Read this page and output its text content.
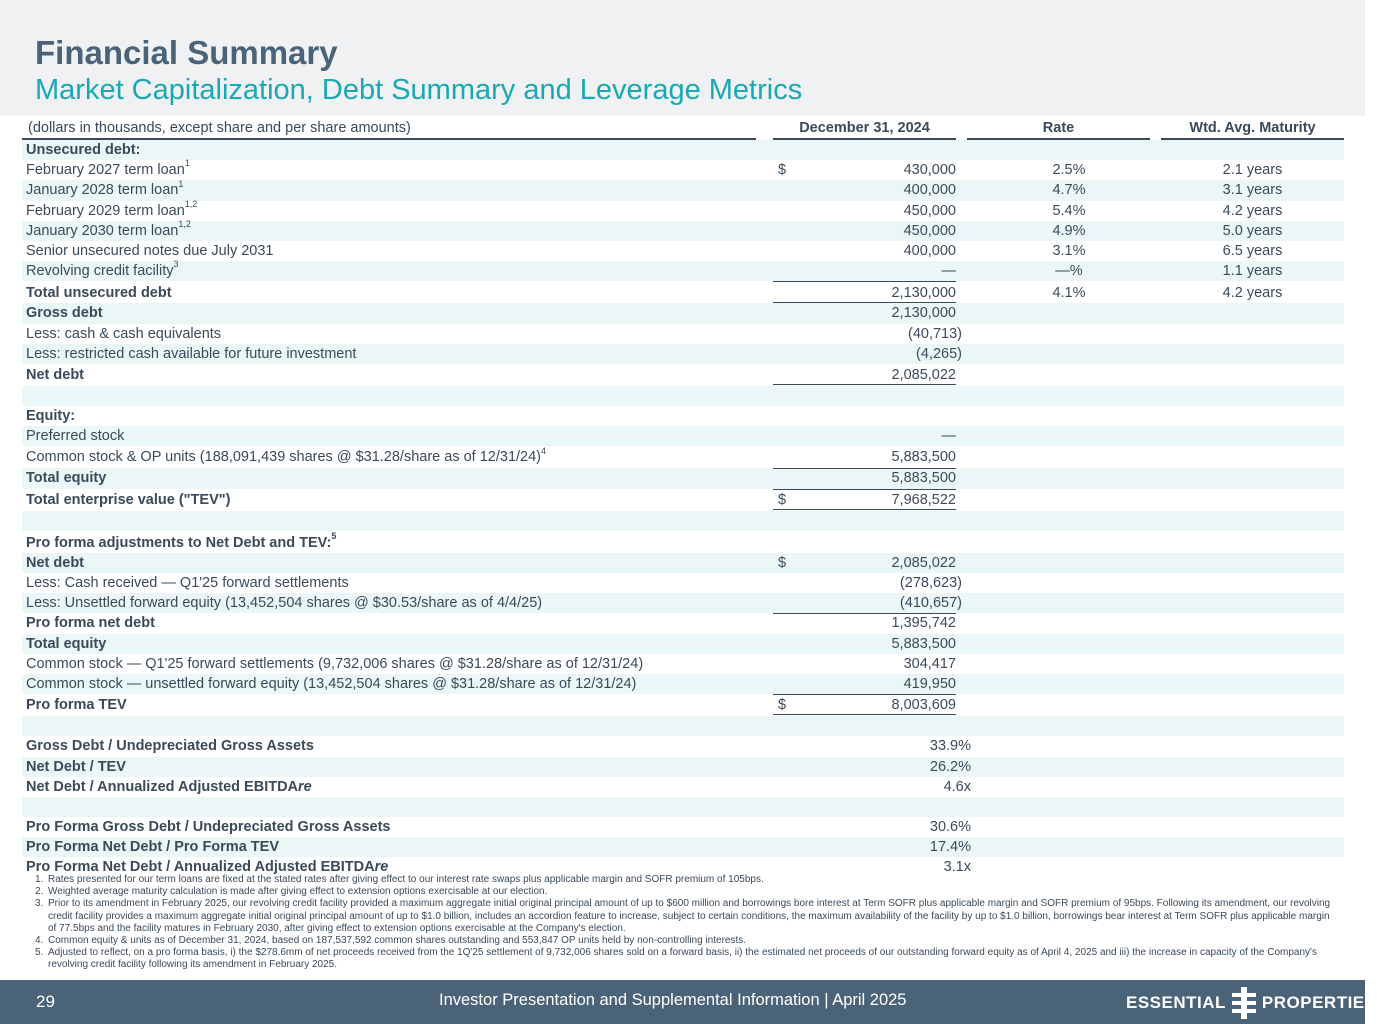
Financial Summary
Market Capitalization, Debt Summary and Leverage Metrics
(dollars in thousands, except share and per share amounts)	December 31, 2024	Rate	Wtd. Avg. Maturity
Unsecured debt:
February 2027 term loan$^1$	$	430,000	2.5%	2.1 years
January 2028 term loan$^1$	400,000	4.7%	3.1 years
February 2029 term loan$^{1,2}$	450,000	5.4%	4.2 years
January 2030 term loan$^{1,2}$	450,000	4.9%	5.0 years
Senior unsecured notes due July 2031	400,000	3.1%	6.5 years
Revolving credit facility$^3$	—	—%	1.1 years
Total unsecured debt	2,130,000	4.1%	4.2 years
Gross debt	2,130,000
Less: cash & cash equivalents	(40,713)
Less: restricted cash available for future investment	(4,265)
Net debt	2,085,022
Equity:
Preferred stock	—
Common stock & OP units (188,091,439 shares @ $31.28/share as of 12/31/24)$^4$	5,883,500
Total equity	5,883,500
Total enterprise value ("TEV")	$	7,968,522
Pro forma adjustments to Net Debt and TEV:$^5$
Net debt	$	2,085,022
Less: Cash received — Q1'25 forward settlements	(278,623)
Less: Unsettled forward equity (13,452,504 shares @ $30.53/share as of 4/4/25)	(410,657)
Pro forma net debt	1,395,742
Total equity	5,883,500
Common stock — Q1'25 forward settlements (9,732,006 shares @ $31.28/share as of 12/31/24)	304,417
Common stock — unsettled forward equity (13,452,504 shares @ $31.28/share as of 12/31/24)	419,950
Pro forma TEV	$	8,003,609
Gross Debt / Undepreciated Gross Assets	33.9%
Net Debt / TEV	26.2%
Net Debt / Annualized Adjusted EBITDAre	4.6x
Pro Forma Gross Debt / Undepreciated Gross Assets	30.6%
Pro Forma Net Debt / Pro Forma TEV	17.4%
Pro Forma Net Debt / Annualized Adjusted EBITDAre	3.1x
1. Rates presented for our term loans are fixed at the stated rates after giving effect to our interest rate swaps plus applicable margin and SOFR premium of 105bps.
2. Weighted average maturity calculation is made after giving effect to extension options exercisable at our election.
3. Prior to its amendment in February 2025, our revolving credit facility provided a maximum aggregate initial original principal amount of up to $600 million and borrowings bore interest at Term SOFR plus applicable margin and SOFR premium of 95bps. Following its amendment, our revolving credit facility provides a maximum aggregate initial original principal amount of up to $1.0 billion, includes an accordion feature to increase, subject to certain conditions, the maximum availability of the facility by up to $1.0 billion, borrowings bear interest at Term SOFR plus applicable margin of 77.5bps and the facility matures in February 2030, after giving effect to extension options exercisable at the Company's election.
4. Common equity & units as of December 31, 2024, based on 187,537,592 common shares outstanding and 553,847 OP units held by non-controlling interests.
5. Adjusted to reflect, on a pro forma basis, i) the $278.6mm of net proceeds received from the 1Q'25 settlement of 9,732,006 shares sold on a forward basis, ii) the estimated net proceeds of our outstanding forward equity as of April 4, 2025 and iii) the increase in capacity of the Company's revolving credit facility following its amendment in February 2025.
29	Investor Presentation and Supplemental Information | April 2025	ESSENTIAL PROPERTIES
